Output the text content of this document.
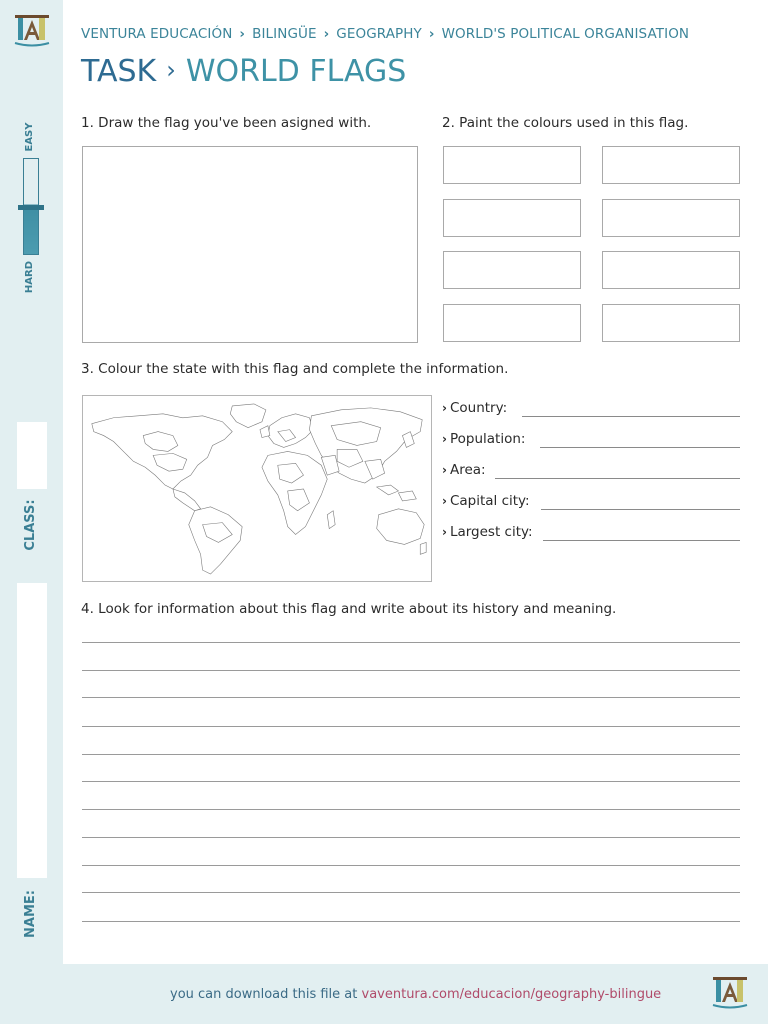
EASY
HARD
CLASS:
NAME:
VENTURA EDUCACIÓN › BILINGÜE › GEOGRAPHY › WORLD'S POLITICAL ORGANISATION
TASK › WORLD FLAGS
1. Draw the flag you've been asigned with.	2. Paint the colours used in this flag.
3. Colour the state with this flag and complete the information.
› Country:
› Population:
› Area:
› Capital city:
› Largest city:
4. Look for information about this flag and write about its history and meaning.
you can download this file at vaventura.com/educacion/geography-bilingue
